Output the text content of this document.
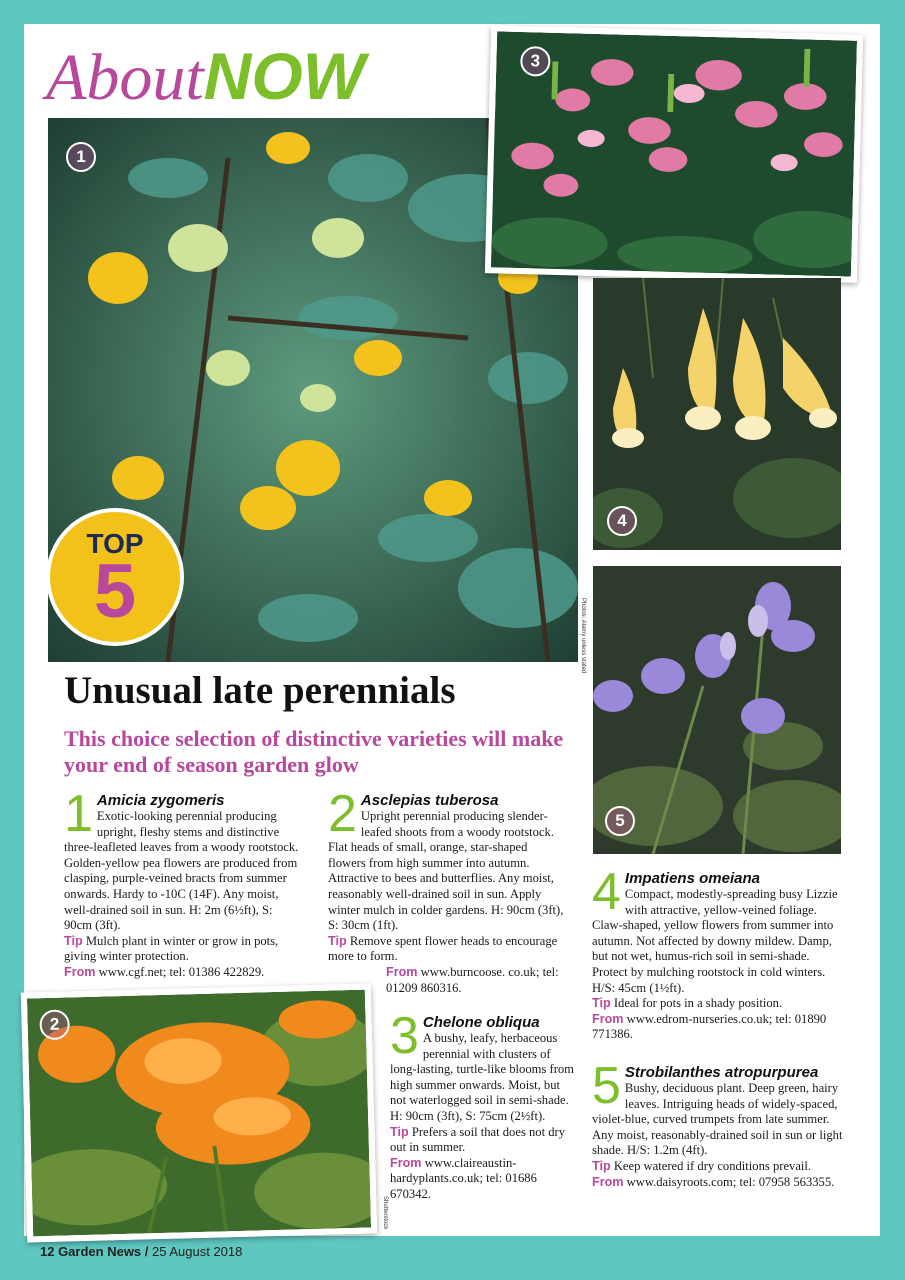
AboutNOW
1
Photos: Alamy unless stated
TOP
5
3
4
5
2
Shutterstock
Unusual late perennials
This choice selection of distinctive varieties will make your end of season garden glow
1 Amicia zygomeris
Exotic-looking perennial producing upright, fleshy stems and distinctive three-leafleted leaves from a woody rootstock. Golden-yellow pea flowers are produced from clasping, purple-veined bracts from summer onwards. Hardy to -10C (14F). Any moist, well-drained soil in sun. H: 2m (6½ft), S: 90cm (3ft).

Tip Mulch plant in winter or grow in pots, giving winter protection.

From www.cgf.net; tel: 01386 422829.

2 Asclepias tuberosa
Upright perennial producing slender-leafed shoots from a woody rootstock. Flat heads of small, orange, star-shaped flowers from high summer into autumn. Attractive to bees and butterflies. Any moist, reasonably well-drained soil in sun. Apply winter mulch in colder gardens. H: 90cm (3ft), S: 30cm (1ft).

Tip Remove spent flower heads to encourage more to form.

From www.burncoose. co.uk; tel: 01209 860316.

3 Chelone obliqua
A bushy, leafy, herbaceous perennial with clusters of long-lasting, turtle-like blooms from high summer onwards. Moist, but not waterlogged soil in semi-shade. H: 90cm (3ft), S: 75cm (2½ft).

Tip Prefers a soil that does not dry out in summer.

From www.claireaustin-hardyplants.co.uk; tel: 01686 670342.

4 Impatiens omeiana
Compact, modestly-spreading busy Lizzie with attractive, yellow-veined foliage. Claw-shaped, yellow flowers from summer into autumn. Not affected by downy mildew. Damp, but not wet, humus-rich soil in semi-shade. Protect by mulching rootstock in cold winters. H/S: 45cm (1½ft).

Tip Ideal for pots in a shady position.

From www.edrom-nurseries.co.uk; tel: 01890 771386.

5 Strobilanthes atropurpurea
Bushy, deciduous plant. Deep green, hairy leaves. Intriguing heads of widely-spaced, violet-blue, curved trumpets from late summer. Any moist, reasonably-drained soil in sun or light shade. H/S: 1.2m (4ft).

Tip Keep watered if dry conditions prevail.

From www.daisyroots.com; tel: 07958 563355.

12 Garden News / 25 August 2018
